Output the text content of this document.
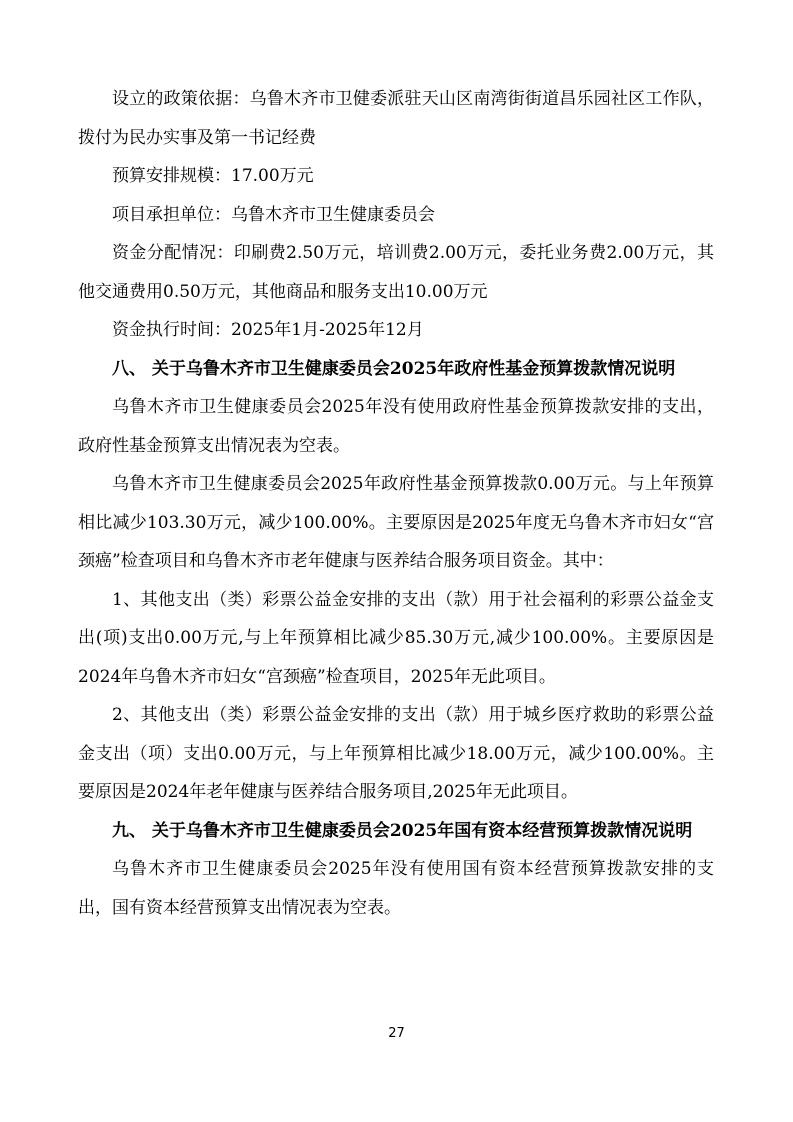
设立的政策依据：乌鲁木齐市卫健委派驻天山区南湾街街道昌乐园社区工作队，拨付为民办实事及第一书记经费

预算安排规模：17.00万元

项目承担单位：乌鲁木齐市卫生健康委员会

资金分配情况：印刷费2.50万元，培训费2.00万元，委托业务费2.00万元，其他交通费用0.50万元，其他商品和服务支出10.00万元

资金执行时间：2025年1月-2025年12月

八、 关于乌鲁木齐市卫生健康委员会2025年政府性基金预算拨款情况说明

乌鲁木齐市卫生健康委员会2025年没有使用政府性基金预算拨款安排的支出，政府性基金预算支出情况表为空表。

乌鲁木齐市卫生健康委员会2025年政府性基金预算拨款0.00万元。与上年预算相比减少103.30万元，减少100.00%。主要原因是2025年度无乌鲁木齐市妇女“宫颈癌”检查项目和乌鲁木齐市老年健康与医养结合服务项目资金。其中：

1、其他支出（类）彩票公益金安排的支出（款）用于社会福利的彩票公益金支出(项)支出0.00万元,与上年预算相比减少85.30万元,减少100.00%。主要原因是2024年乌鲁木齐市妇女“宫颈癌”检查项目，2025年无此项目。

2、其他支出（类）彩票公益金安排的支出（款）用于城乡医疗救助的彩票公益金支出（项）支出0.00万元，与上年预算相比减少18.00万元，减少100.00%。主要原因是2024年老年健康与医养结合服务项目,2025年无此项目。

九、 关于乌鲁木齐市卫生健康委员会2025年国有资本经营预算拨款情况说明

乌鲁木齐市卫生健康委员会2025年没有使用国有资本经营预算拨款安排的支出，国有资本经营预算支出情况表为空表。

27
